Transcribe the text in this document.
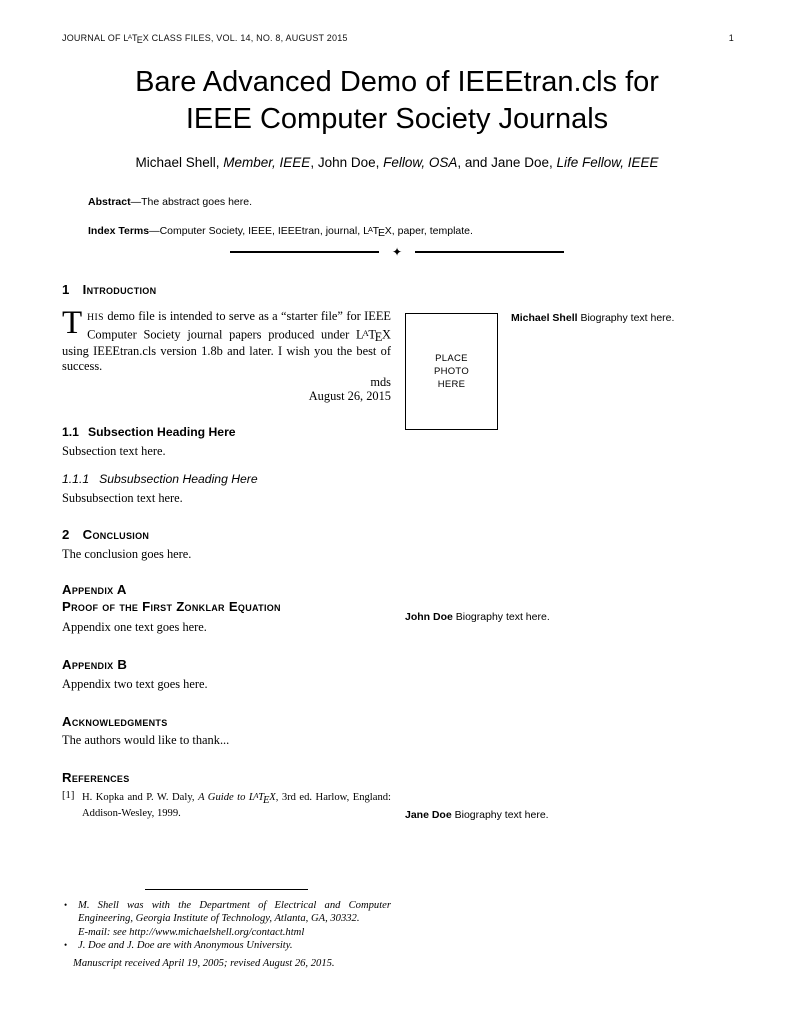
JOURNAL OF LATEX CLASS FILES, VOL. 14, NO. 8, AUGUST 2015	1
Bare Advanced Demo of IEEEtran.cls for
IEEE Computer Society Journals
Michael Shell, Member, IEEE, John Doe, Fellow, OSA, and Jane Doe, Life Fellow, IEEE
Abstract—The abstract goes here.
Index Terms—Computer Society, IEEE, IEEEtran, journal, LATEX, paper, template.
✦
1 Introduction

THIS demo file is intended to serve as a “starter file” for IEEE Computer Society journal papers produced under LATEX using IEEEtran.cls version 1.8b and later. I wish you the best of success.

mds
August 26, 2015
1.1 Subsection Heading Here

Subsection text here.

1.1.1 Subsubsection Heading Here

Subsubsection text here.

2 Conclusion

The conclusion goes here.

Appendix A
Proof of the First Zonklar Equation

Appendix one text goes here.

Appendix B

Appendix two text goes here.

Acknowledgments

The authors would like to thank...

References
[1] H. Kopka and P. W. Daly, A Guide to LATEX, 3rd ed. Harlow, England: Addison-Wesley, 1999.
PLACE
PHOTO
HERE
Michael Shell Biography text here.
John Doe Biography text here.
Jane Doe Biography text here.
•	M. Shell was with the Department of Electrical and Computer Engineering, Georgia Institute of Technology, Atlanta, GA, 30332.
E-mail: see http://www.michaelshell.org/contact.html
•	J. Doe and J. Doe are with Anonymous University.
Manuscript received April 19, 2005; revised August 26, 2015.
